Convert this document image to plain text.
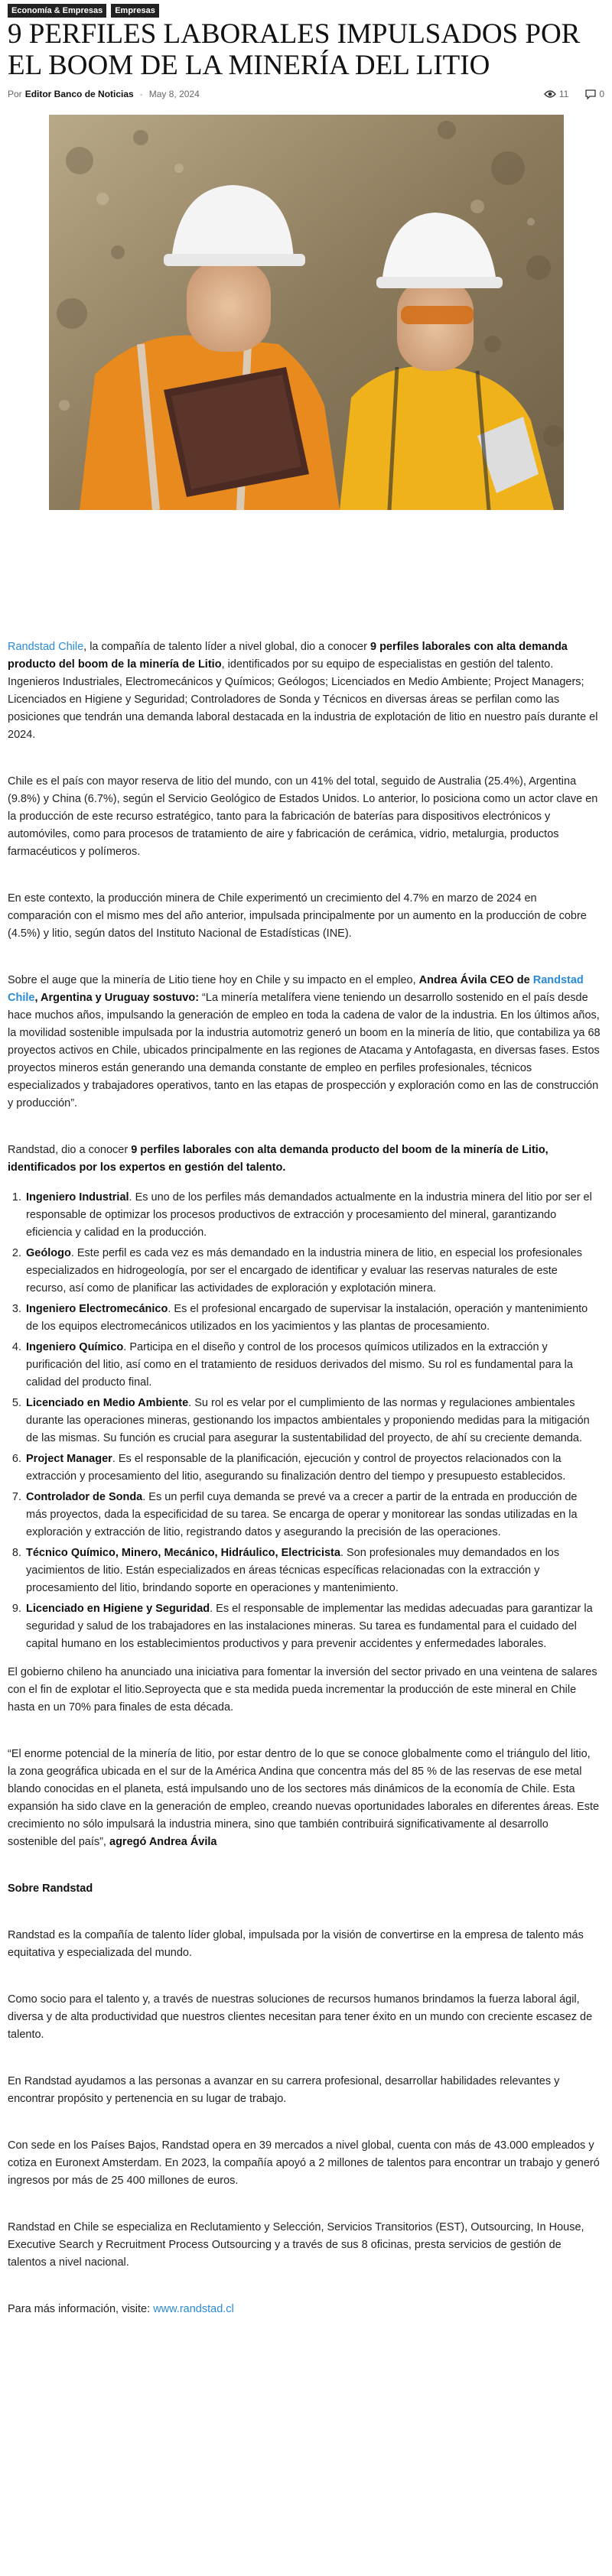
Economía & Empresas	Empresas
9 PERFILES LABORALES IMPULSADOS POR EL BOOM DE LA MINERÍA DEL LITIO
Por Editor Banco de Noticias - May 8, 2024	11	0

Randstad Chile, la compañía de talento líder a nivel global, dio a conocer 9 perfiles laborales con alta demanda producto del boom de la minería de Litio, identificados por su equipo de especialistas en gestión del talento. Ingenieros Industriales, Electromecánicos y Químicos; Geólogos; Licenciados en Medio Ambiente; Project Managers; Licenciados en Higiene y Seguridad; Controladores de Sonda y Técnicos en diversas áreas se perfilan como las posiciones que tendrán una demanda laboral destacada en la industria de explotación de litio en nuestro país durante el 2024.

Chile es el país con mayor reserva de litio del mundo, con un 41% del total, seguido de Australia (25.4%), Argentina (9.8%) y China (6.7%), según el Servicio Geológico de Estados Unidos. Lo anterior, lo posiciona como un actor clave en la producción de este recurso estratégico, tanto para la fabricación de baterías para dispositivos electrónicos y automóviles, como para procesos de tratamiento de aire y fabricación de cerámica, vidrio, metalurgia, productos farmacéuticos y polímeros.

En este contexto, la producción minera de Chile experimentó un crecimiento del 4.7% en marzo de 2024 en comparación con el mismo mes del año anterior, impulsada principalmente por un aumento en la producción de cobre (4.5%) y litio, según datos del Instituto Nacional de Estadísticas (INE).

Sobre el auge que la minería de Litio tiene hoy en Chile y su impacto en el empleo, Andrea Ávila CEO de Randstad Chile, Argentina y Uruguay sostuvo: “La minería metalífera viene teniendo un desarrollo sostenido en el país desde hace muchos años, impulsando la generación de empleo en toda la cadena de valor de la industria. En los últimos años, la movilidad sostenible impulsada por la industria automotriz generó un boom en la minería de litio, que contabiliza ya 68 proyectos activos en Chile, ubicados principalmente en las regiones de Atacama y Antofagasta, en diversas fases. Estos proyectos mineros están generando una demanda constante de empleo en perfiles profesionales, técnicos especializados y trabajadores operativos, tanto en las etapas de prospección y exploración como en las de construcción y producción”.

Randstad, dio a conocer 9 perfiles laborales con alta demanda producto del boom de la minería de Litio, identificados por los expertos en gestión del talento.

1. Ingeniero Industrial. Es uno de los perfiles más demandados actualmente en la industria minera del litio por ser el responsable de optimizar los procesos productivos de extracción y procesamiento del mineral, garantizando eficiencia y calidad en la producción.
2. Geólogo. Este perfil es cada vez es más demandado en la industria minera de litio, en especial los profesionales especializados en hidrogeología, por ser el encargado de identificar y evaluar las reservas naturales de este recurso, así como de planificar las actividades de exploración y explotación minera.
3. Ingeniero Electromecánico. Es el profesional encargado de supervisar la instalación, operación y mantenimiento de los equipos electromecánicos utilizados en los yacimientos y las plantas de procesamiento.
4. Ingeniero Químico. Participa en el diseño y control de los procesos químicos utilizados en la extracción y purificación del litio, así como en el tratamiento de residuos derivados del mismo. Su rol es fundamental para la calidad del producto final.
5. Licenciado en Medio Ambiente. Su rol es velar por el cumplimiento de las normas y regulaciones ambientales durante las operaciones mineras, gestionando los impactos ambientales y proponiendo medidas para la mitigación de las mismas. Su función es crucial para asegurar la sustentabilidad del proyecto, de ahí su creciente demanda.
6. Project Manager. Es el responsable de la planificación, ejecución y control de proyectos relacionados con la extracción y procesamiento del litio, asegurando su finalización dentro del tiempo y presupuesto establecidos.
7. Controlador de Sonda. Es un perfil cuya demanda se prevé va a crecer a partir de la entrada en producción de más proyectos, dada la especificidad de su tarea. Se encarga de operar y monitorear las sondas utilizadas en la exploración y extracción de litio, registrando datos y asegurando la precisión de las operaciones.
8. Técnico Químico, Minero, Mecánico, Hidráulico, Electricista. Son profesionales muy demandados en los yacimientos de litio. Están especializados en áreas técnicas específicas relacionadas con la extracción y procesamiento del litio, brindando soporte en operaciones y mantenimiento.
9. Licenciado en Higiene y Seguridad. Es el responsable de implementar las medidas adecuadas para garantizar la seguridad y salud de los trabajadores en las instalaciones mineras. Su tarea es fundamental para el cuidado del capital humano en los establecimientos productivos y para prevenir accidentes y enfermedades laborales.

El gobierno chileno ha anunciado una iniciativa para fomentar la inversión del sector privado en una veintena de salares con el fin de explotar el litio.Seproyecta que e sta medida pueda incrementar la producción de este mineral en Chile hasta en un 70% para finales de esta década.

“El enorme potencial de la minería de litio, por estar dentro de lo que se conoce globalmente como el triángulo del litio, la zona geográfica ubicada en el sur de la América Andina que concentra más del 85 % de las reservas de ese metal blando conocidas en el planeta, está impulsando uno de los sectores más dinámicos de la economía de Chile. Esta expansión ha sido clave en la generación de empleo, creando nuevas oportunidades laborales en diferentes áreas. Este crecimiento no sólo impulsará la industria minera, sino que también contribuirá significativamente al desarrollo sostenible del país”, agregó Andrea Ávila

Sobre Randstad

Randstad es la compañía de talento líder global, impulsada por la visión de convertirse en la empresa de talento más equitativa y especializada del mundo.

Como socio para el talento y, a través de nuestras soluciones de recursos humanos brindamos la fuerza laboral ágil, diversa y de alta productividad que nuestros clientes necesitan para tener éxito en un mundo con creciente escasez de talento.

En Randstad ayudamos a las personas a avanzar en su carrera profesional, desarrollar habilidades relevantes y encontrar propósito y pertenencia en su lugar de trabajo.

Con sede en los Países Bajos, Randstad opera en 39 mercados a nivel global, cuenta con más de 43.000 empleados y cotiza en Euronext Amsterdam. En 2023, la compañía apoyó a 2 millones de talentos para encontrar un trabajo y generó ingresos por más de 25 400 millones de euros.

Randstad en Chile se especializa en Reclutamiento y Selección, Servicios Transitorios (EST), Outsourcing, In House, Executive Search y Recruitment Process Outsourcing y a través de sus 8 oficinas, presta servicios de gestión de talentos a nivel nacional.

Para más información, visite: www.randstad.cl
